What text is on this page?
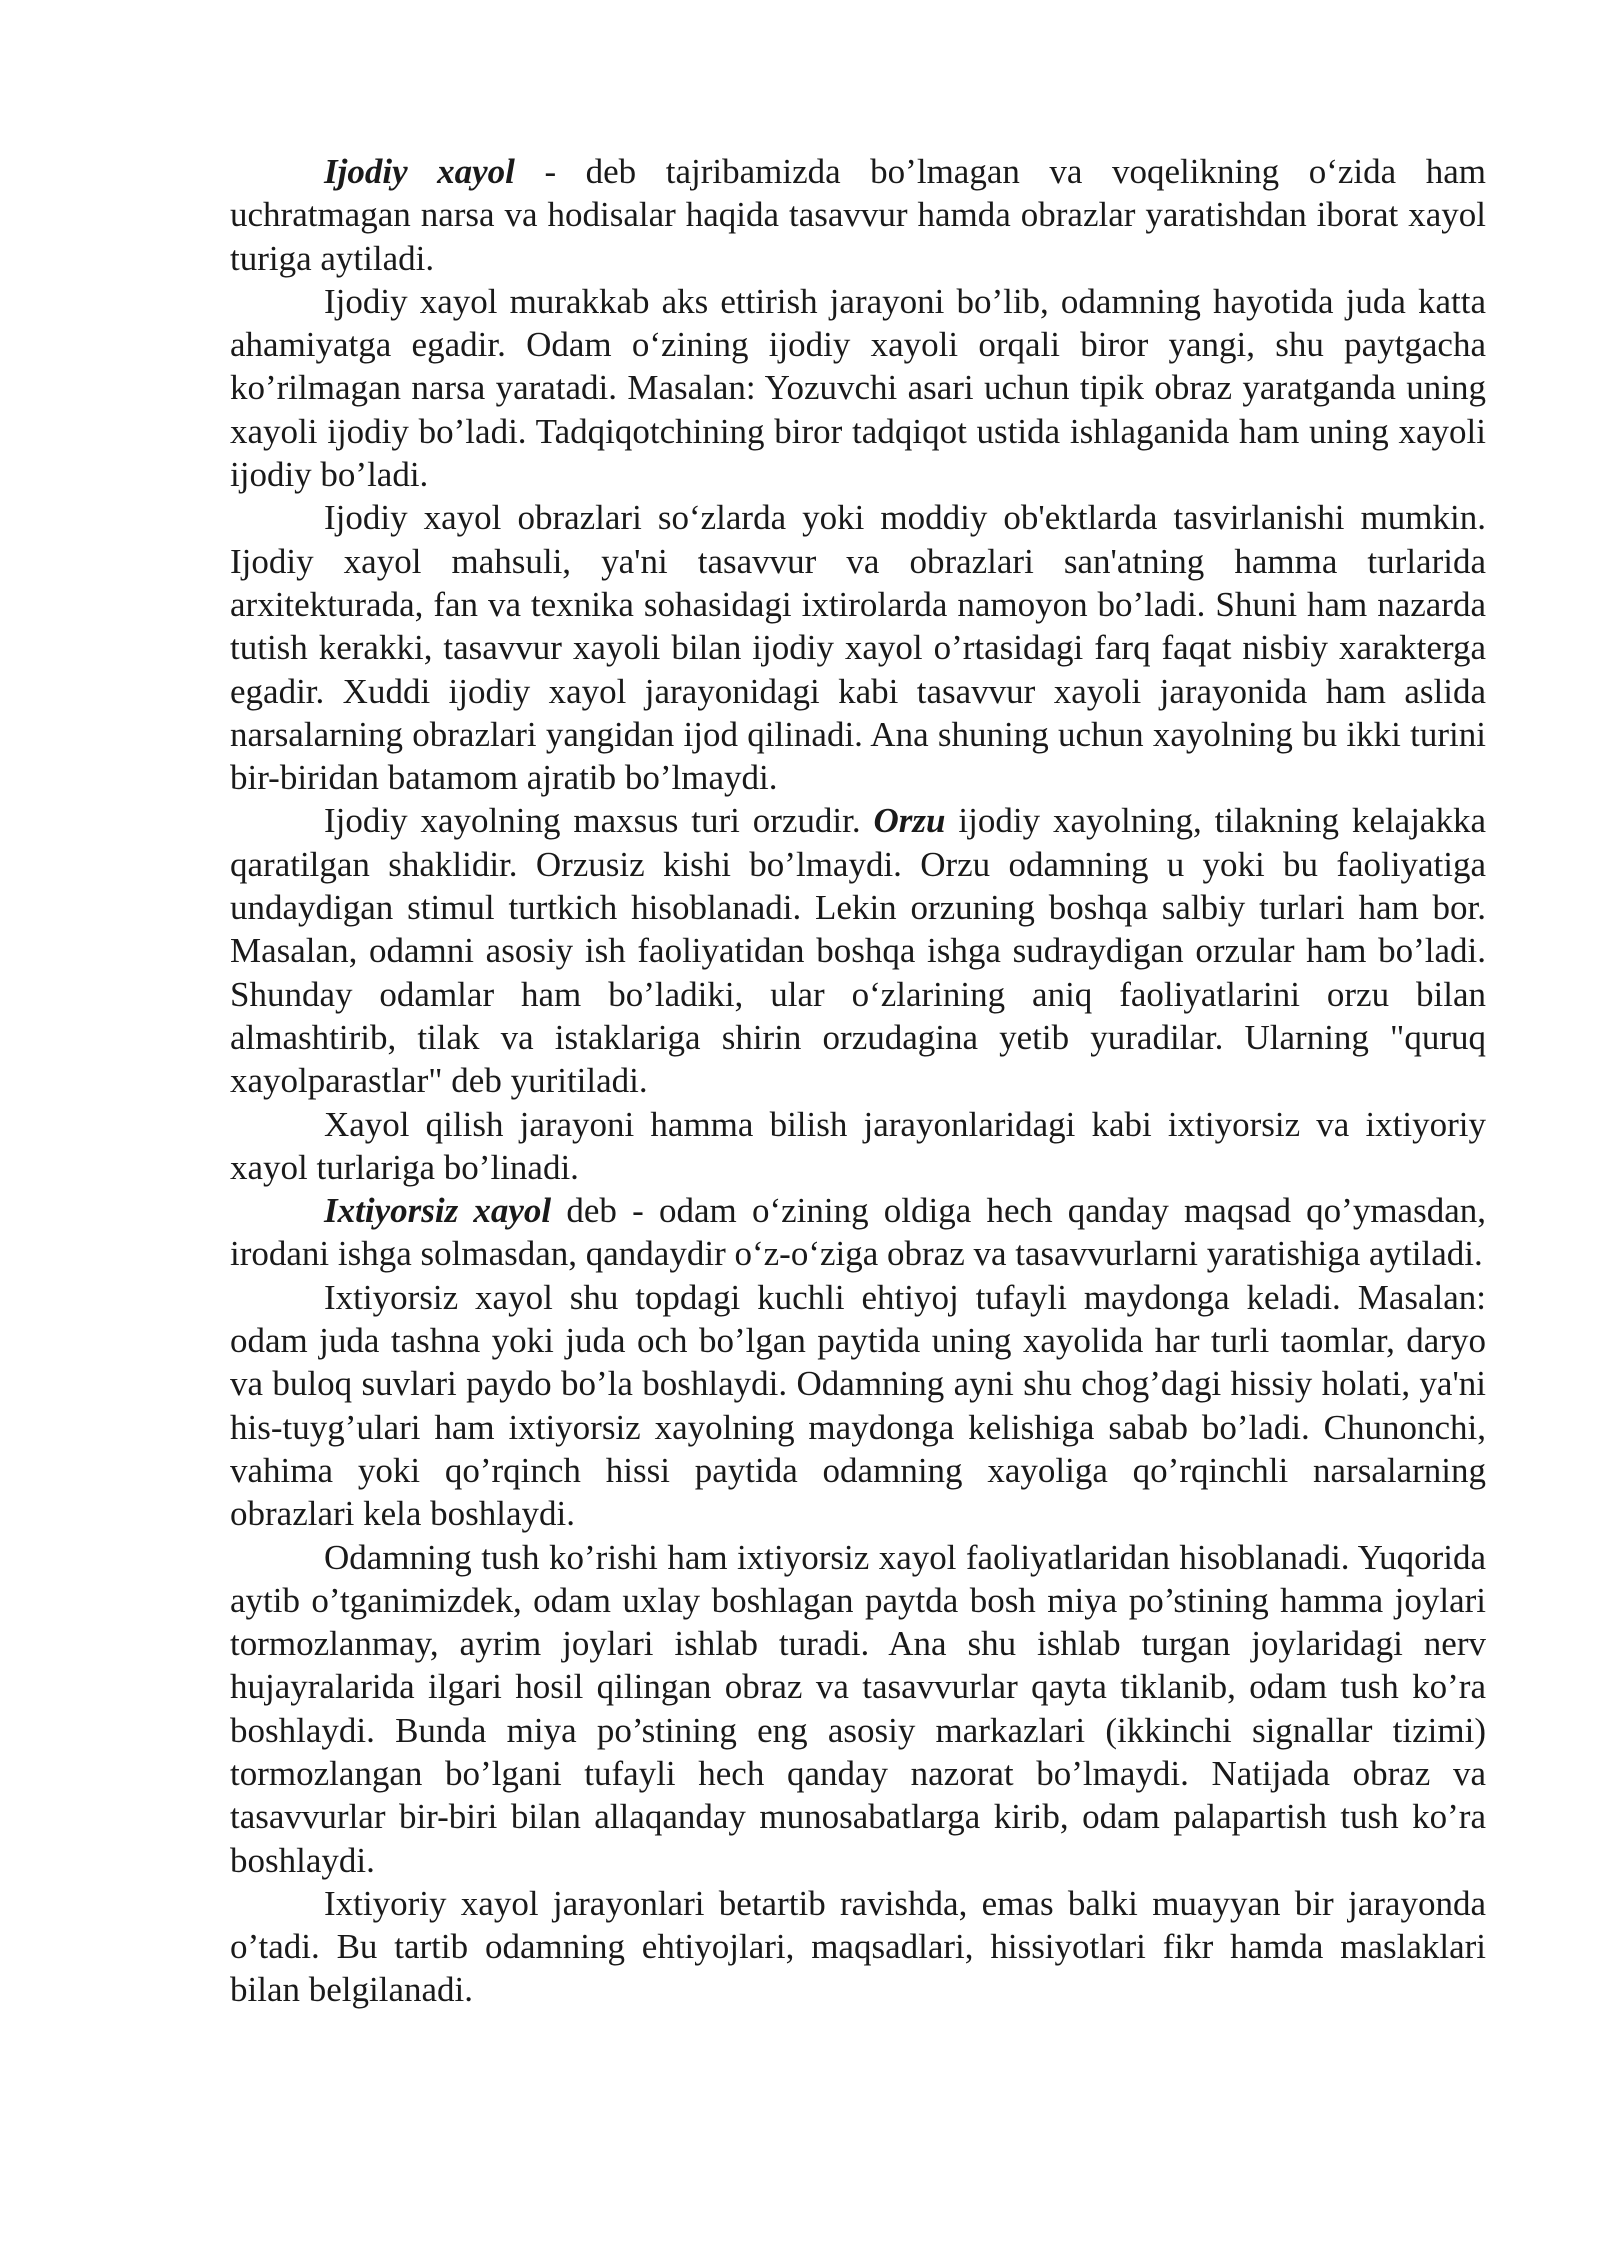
Ijodiy xayol - deb tajribamizda bo’lmagan va voqelikning o‘zida ham uchratmagan narsa va hodisalar haqida tasavvur hamda obrazlar yaratishdan iborat xayol turiga aytiladi.

Ijodiy xayol murakkab aks ettirish jarayoni bo’lib, odamning hayotida juda katta ahamiyatga egadir. Odam o‘zining ijodiy xayoli orqali biror yangi, shu paytgacha ko’rilmagan narsa yaratadi. Masalan: Yozuvchi asari uchun tipik obraz yaratganda uning xayoli ijodiy bo’ladi. Tadqiqotchining biror tadqiqot ustida ishlaganida ham uning xayoli ijodiy bo’ladi.

Ijodiy xayol obrazlari so‘zlarda yoki moddiy ob'ektlarda tasvirlanishi mumkin. Ijodiy xayol mahsuli, ya'ni tasavvur va obrazlari san'atning hamma turlarida arxitekturada, fan va texnika sohasidagi ixtirolarda namoyon bo’ladi. Shuni ham nazarda tutish kerakki, tasavvur xayoli bilan ijodiy xayol o’rtasidagi farq faqat nisbiy xarakterga egadir. Xuddi ijodiy xayol jarayonidagi kabi tasavvur xayoli jarayonida ham aslida narsalarning obrazlari yangidan ijod qilinadi. Ana shuning uchun xayolning bu ikki turini bir-biridan batamom ajratib bo’lmaydi.

Ijodiy xayolning maxsus turi orzudir. Orzu ijodiy xayolning, tilakning kelajakka qaratilgan shaklidir. Orzusiz kishi bo’lmaydi. Orzu odamning u yoki bu faoliyatiga undaydigan stimul turtkich hisoblanadi. Lekin orzuning boshqa salbiy turlari ham bor. Masalan, odamni asosiy ish faoliyatidan boshqa ishga sudraydigan orzular ham bo’ladi. Shunday odamlar ham bo’ladiki, ular o‘zlarining aniq faoliyatlarini orzu bilan almashtirib, tilak va istaklariga shirin orzudagina yetib yuradilar. Ularning "quruq xayolparastlar" deb yuritiladi.

Xayol qilish jarayoni hamma bilish jarayonlaridagi kabi ixtiyorsiz va ixtiyoriy xayol turlariga bo’linadi.

Ixtiyorsiz xayol deb - odam o‘zining oldiga hech qanday maqsad qo’ymasdan, irodani ishga solmasdan, qandaydir o‘z-o‘ziga obraz va tasavvurlarni yaratishiga aytiladi.

Ixtiyorsiz xayol shu topdagi kuchli ehtiyoj tufayli maydonga keladi. Masalan: odam juda tashna yoki juda och bo’lgan paytida uning xayolida har turli taomlar, daryo va buloq suvlari paydo bo’la boshlaydi. Odamning ayni shu chog’dagi hissiy holati, ya'ni his-tuyg’ulari ham ixtiyorsiz xayolning maydonga kelishiga sabab bo’ladi. Chunonchi, vahima yoki qo’rqinch hissi paytida odamning xayoliga qo’rqinchli narsalarning obrazlari kela boshlaydi.

Odamning tush ko’rishi ham ixtiyorsiz xayol faoliyatlaridan hisoblanadi. Yuqorida aytib o’tganimizdek, odam uxlay boshlagan paytda bosh miya po’stining hamma joylari tormozlanmay, ayrim joylari ishlab turadi. Ana shu ishlab turgan joylaridagi nerv hujayralarida ilgari hosil qilingan obraz va tasavvurlar qayta tiklanib, odam tush ko’ra boshlaydi. Bunda miya po’stining eng asosiy markazlari (ikkinchi signallar tizimi) tormozlangan bo’lgani tufayli hech qanday nazorat bo’lmaydi. Natijada obraz va tasavvurlar bir-biri bilan allaqanday munosabatlarga kirib, odam palapartish tush ko’ra boshlaydi.

Ixtiyoriy xayol jarayonlari betartib ravishda, emas balki muayyan bir jarayonda o’tadi. Bu tartib odamning ehtiyojlari, maqsadlari, hissiyotlari fikr hamda maslaklari bilan belgilanadi.
